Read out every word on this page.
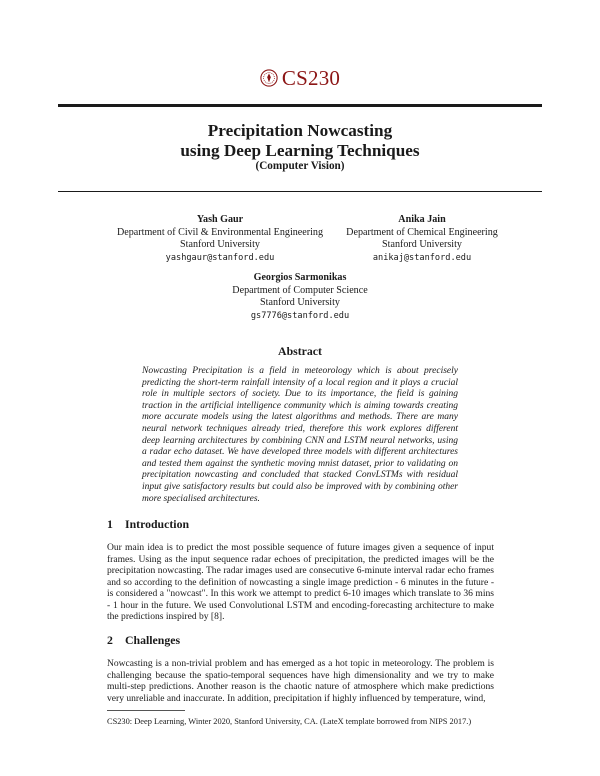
CS230
Precipitation Nowcasting
using Deep Learning Techniques
(Computer Vision)
Yash Gaur
Department of Civil & Environmental Engineering
Stanford University
yashgaur@stanford.edu
Anika Jain
Department of Chemical Engineering
Stanford University
anikaj@stanford.edu
Georgios Sarmonikas
Department of Computer Science
Stanford University
gs7776@stanford.edu
Abstract
Nowcasting Precipitation is a field in meteorology which is about precisely predicting the short-term rainfall intensity of a local region and it plays a crucial role in multiple sectors of society. Due to its importance, the field is gaining traction in the artificial intelligence community which is aiming towards creating more accurate models using the latest algorithms and methods. There are many neural network techniques already tried, therefore this work explores different deep learning architectures by combining CNN and LSTM neural networks, using a radar echo dataset. We have developed three models with different architectures and tested them against the synthetic moving mnist dataset, prior to validating on precipitation nowcasting and concluded that stacked ConvLSTMs with residual input give satisfactory results but could also be improved with by combining other more specialised architectures.
1 Introduction
Our main idea is to predict the most possible sequence of future images given a sequence of input frames. Using as the input sequence radar echoes of precipitation, the predicted images will be the precipitation nowcasting. The radar images used are consecutive 6-minute interval radar echo frames and so according to the definition of nowcasting a single image prediction - 6 minutes in the future - is considered a "nowcast". In this work we attempt to predict 6-10 images which translate to 36 mins - 1 hour in the future. We used Convolutional LSTM and encoding-forecasting architecture to make the predictions inspired by [8].
2 Challenges
Nowcasting is a non-trivial problem and has emerged as a hot topic in meteorology. The problem is challenging because the spatio-temporal sequences have high dimensionality and we try to make multi-step predictions. Another reason is the chaotic nature of atmosphere which make predictions very unreliable and inaccurate. In addition, precipitation if highly influenced by temperature, wind,
CS230: Deep Learning, Winter 2020, Stanford University, CA. (LateX template borrowed from NIPS 2017.)
